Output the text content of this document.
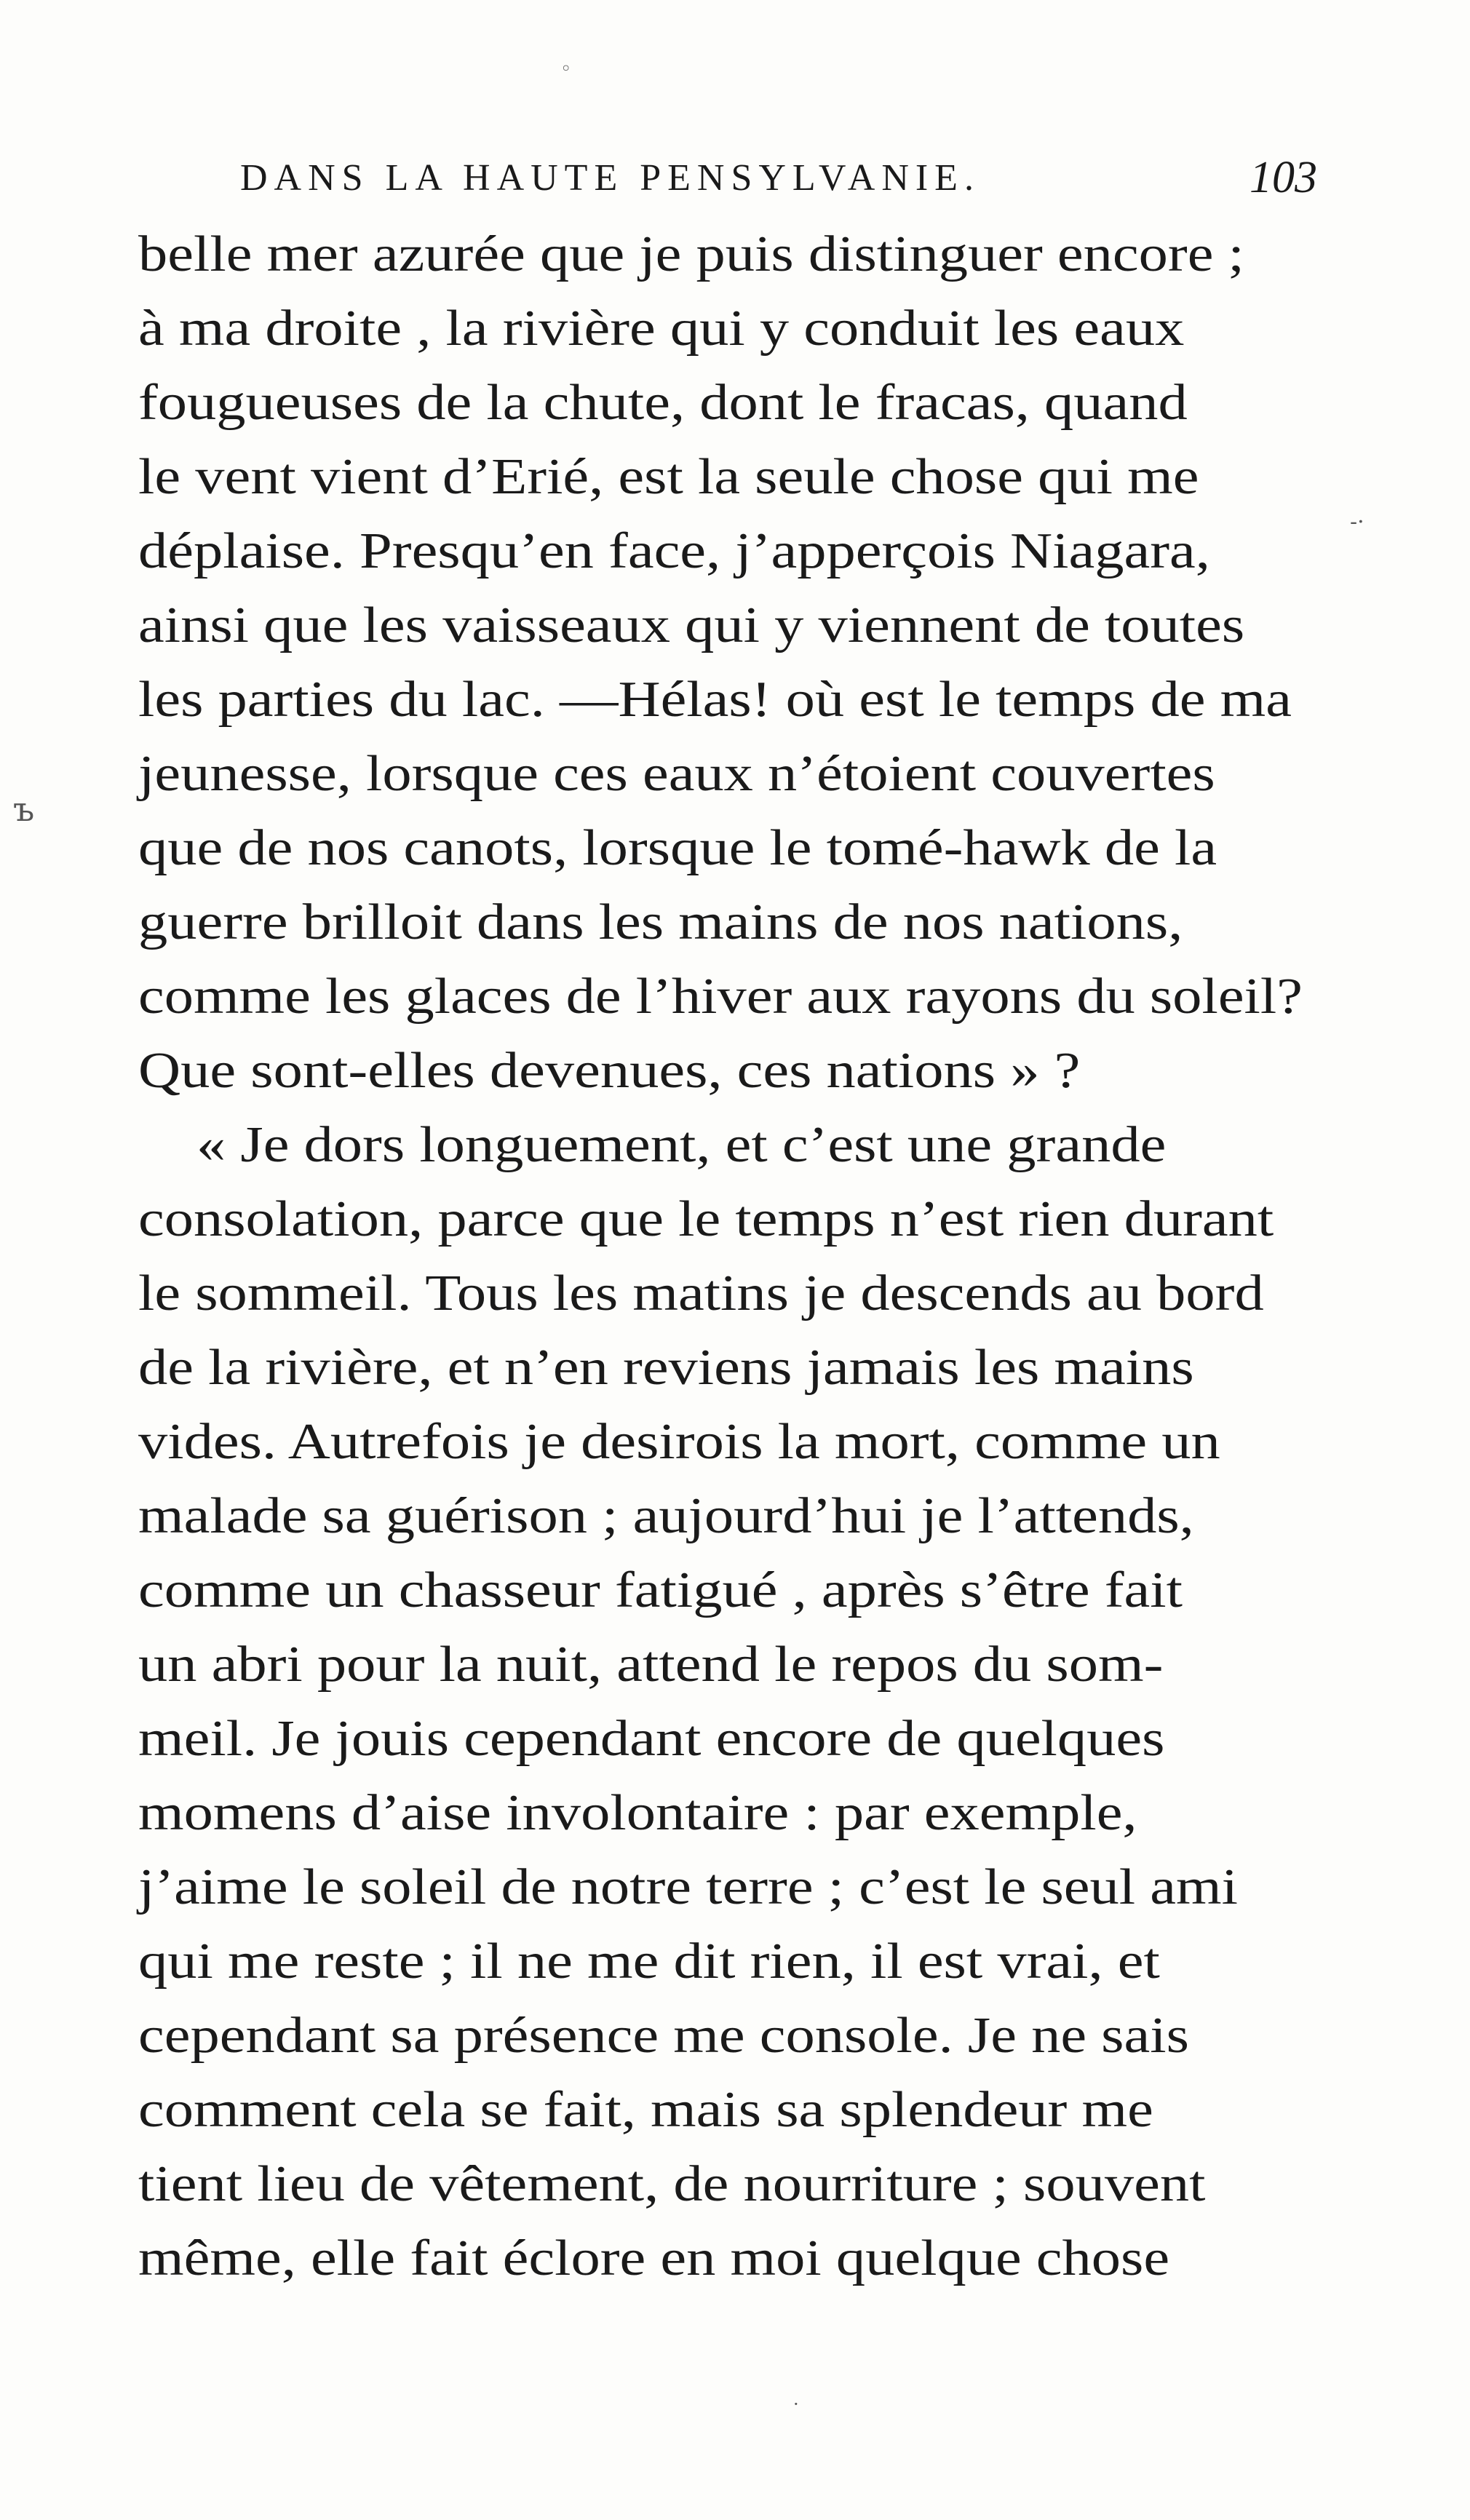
◦
ъ
-·
DANS LA HAUTE PENSYLVANIE.	103
belle mer azurée que je puis distinguer encore ;
à ma droite , la rivière qui y conduit les eaux
fougueuses de la chute, dont le fracas, quand
le vent vient d’Erié, est la seule chose qui me
déplaise. Presqu’en face, j’apperçois Niagara,
ainsi que les vaisseaux qui y viennent de toutes
les parties du lac. —Hélas! où est le temps de ma
jeunesse, lorsque ces eaux n’étoient couvertes
que de nos canots, lorsque le tomé-hawk de la
guerre brilloit dans les mains de nos nations,
comme les glaces de l’hiver aux rayons du soleil?
Que sont-elles devenues, ces nations » ?
« Je dors longuement, et c’est une grande
consolation, parce que le temps n’est rien durant
le sommeil. Tous les matins je descends au bord
de la rivière, et n’en reviens jamais les mains
vides. Autrefois je desirois la mort, comme un
malade sa guérison ; aujourd’hui je l’attends,
comme un chasseur fatigué , après s’être fait
un abri pour la nuit, attend le repos du som-
meil. Je jouis cependant encore de quelques
momens d’aise involontaire : par exemple,
j’aime le soleil de notre terre ; c’est le seul ami
qui me reste ; il ne me dit rien, il est vrai, et
cependant sa présence me console. Je ne sais
comment cela se fait, mais sa splendeur me
tient lieu de vêtement, de nourriture ; souvent
même, elle fait éclore en moi quelque chose
·
